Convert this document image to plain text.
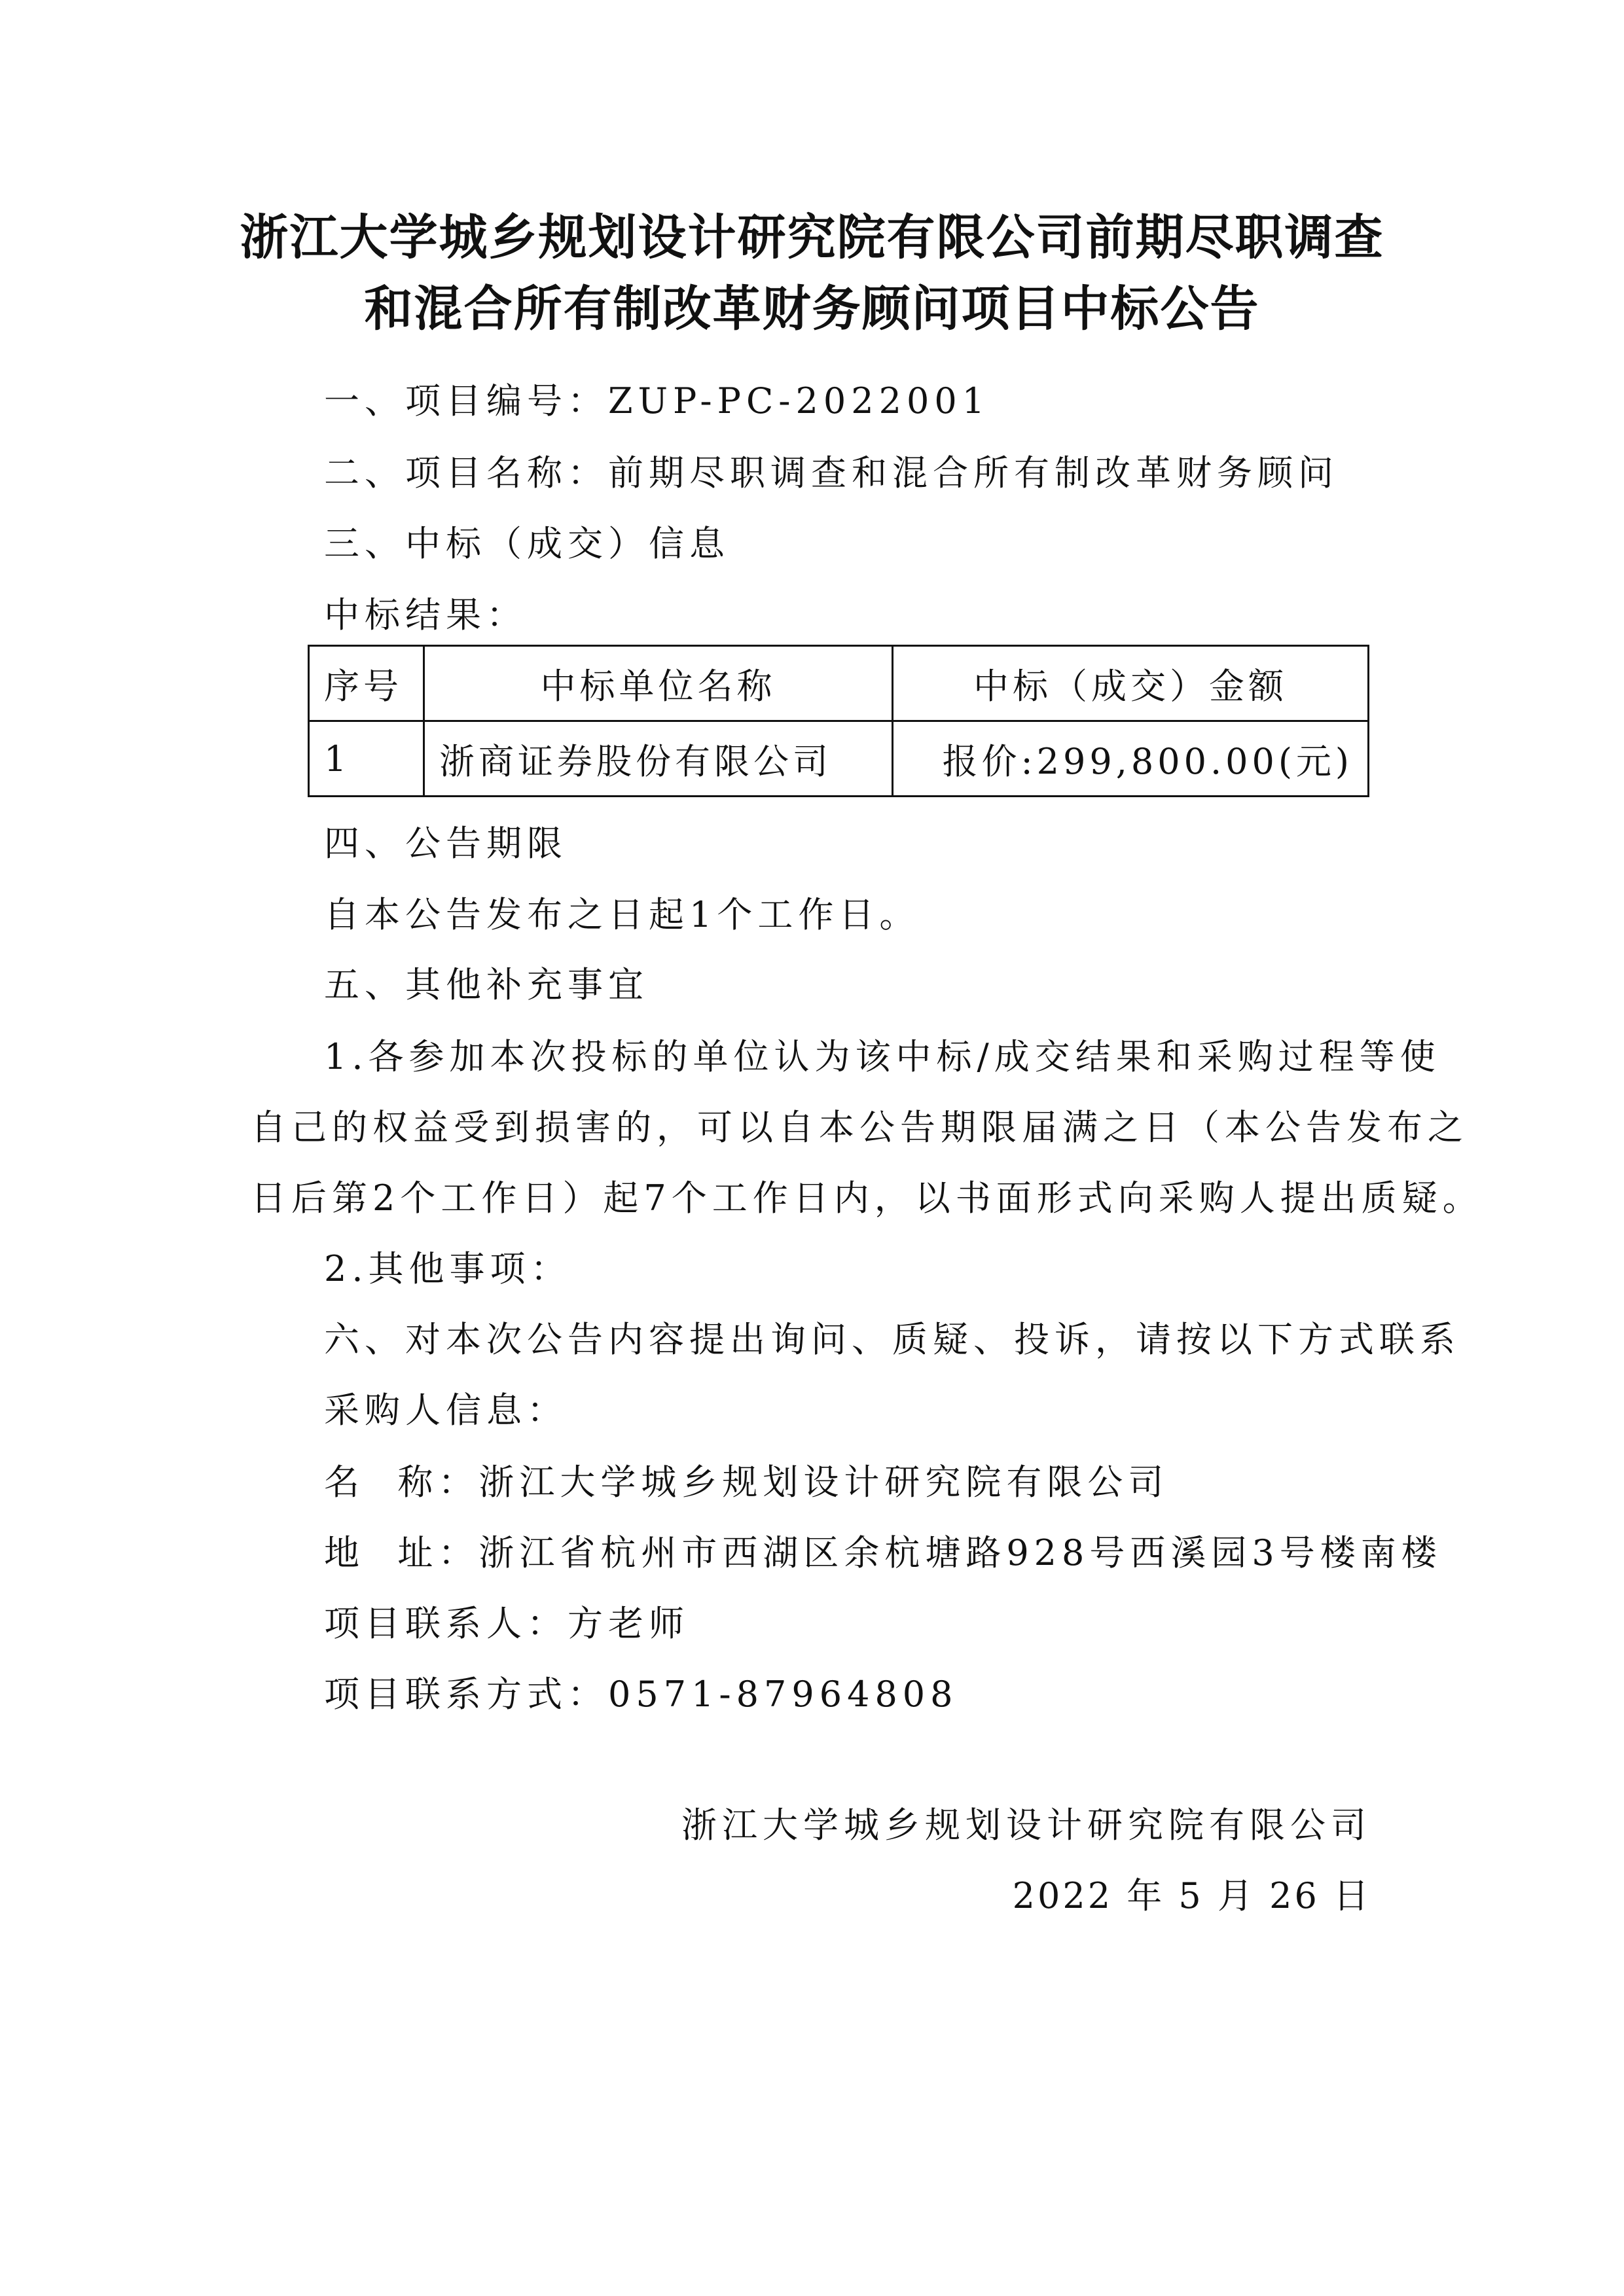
浙江大学城乡规划设计研究院有限公司前期尽职调查
和混合所有制改革财务顾问项目中标公告
一、项目编号：ZUP-PC-2022001
二、项目名称：前期尽职调查和混合所有制改革财务顾问
三、中标（成交）信息
中标结果：
序号	中标单位名称	中标（成交）金额
1	浙商证券股份有限公司	报价:299,800.00(元)
四、公告期限
自本公告发布之日起1个工作日。
五、其他补充事宜
1.各参加本次投标的单位认为该中标/成交结果和采购过程等使
自己的权益受到损害的，可以自本公告期限届满之日（本公告发布之
日后第2个工作日）起7个工作日内，以书面形式向采购人提出质疑。
2.其他事项：
六、对本次公告内容提出询问、质疑、投诉，请按以下方式联系
采购人信息：
名  称：浙江大学城乡规划设计研究院有限公司
地  址：浙江省杭州市西湖区余杭塘路928号西溪园3号楼南楼
项目联系人：方老师
项目联系方式：0571-87964808
浙江大学城乡规划设计研究院有限公司
2022 年 5 月 26 日
